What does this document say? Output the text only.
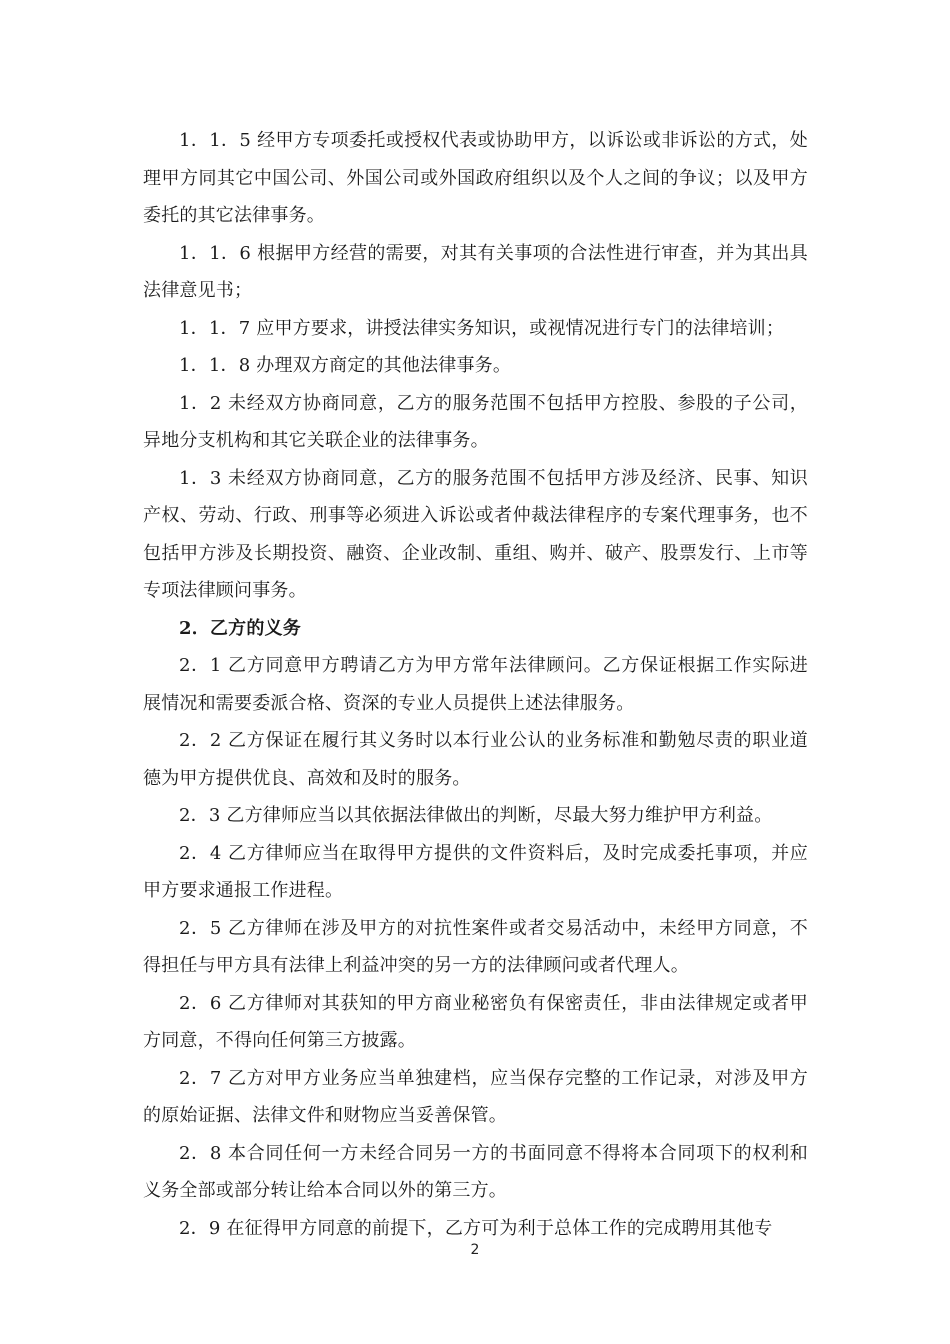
1．1．5 经甲方专项委托或授权代表或协助甲方，以诉讼或非诉讼的方式，处理甲方同其它中国公司、外国公司或外国政府组织以及个人之间的争议；以及甲方委托的其它法律事务。

1．1．6 根据甲方经营的需要，对其有关事项的合法性进行审查，并为其出具法律意见书；

1．1．7 应甲方要求，讲授法律实务知识，或视情况进行专门的法律培训；

1．1．8 办理双方商定的其他法律事务。

1．2 未经双方协商同意，乙方的服务范围不包括甲方控股、参股的子公司，异地分支机构和其它关联企业的法律事务。

1．3 未经双方协商同意，乙方的服务范围不包括甲方涉及经济、民事、知识产权、劳动、行政、刑事等必须进入诉讼或者仲裁法律程序的专案代理事务，也不包括甲方涉及长期投资、融资、企业改制、重组、购并、破产、股票发行、上市等专项法律顾问事务。

2．乙方的义务

2．1 乙方同意甲方聘请乙方为甲方常年法律顾问。乙方保证根据工作实际进展情况和需要委派合格、资深的专业人员提供上述法律服务。

2．2 乙方保证在履行其义务时以本行业公认的业务标准和勤勉尽责的职业道德为甲方提供优良、高效和及时的服务。

2．3 乙方律师应当以其依据法律做出的判断，尽最大努力维护甲方利益。

2．4 乙方律师应当在取得甲方提供的文件资料后，及时完成委托事项，并应甲方要求通报工作进程。

2．5 乙方律师在涉及甲方的对抗性案件或者交易活动中，未经甲方同意，不得担任与甲方具有法律上利益冲突的另一方的法律顾问或者代理人。

2．6 乙方律师对其获知的甲方商业秘密负有保密责任，非由法律规定或者甲方同意，不得向任何第三方披露。

2．7 乙方对甲方业务应当单独建档，应当保存完整的工作记录，对涉及甲方的原始证据、法律文件和财物应当妥善保管。

2．8 本合同任何一方未经合同另一方的书面同意不得将本合同项下的权利和义务全部或部分转让给本合同以外的第三方。

2．9 在征得甲方同意的前提下，乙方可为利于总体工作的完成聘用其他专

2
